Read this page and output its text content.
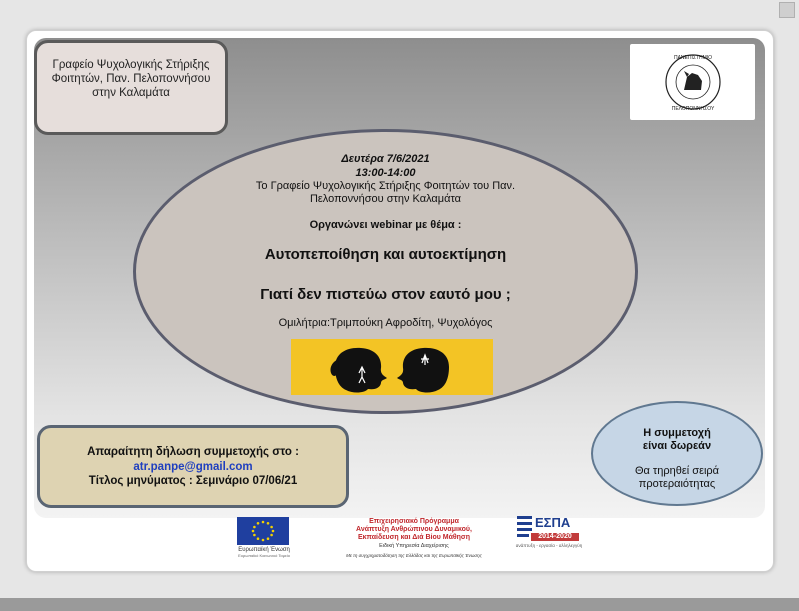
Γραφείο Ψυχολογικής Στήριξης
Φοιτητών, Παν. Πελοποννήσου
στην Καλαμάτα
ΠΑΝΕΠΙΣΤΗΜΙΟ
ΠΕΛΟΠΟΝΝΗΣΟΥ
Δευτέρα 7/6/2021
13:00-14:00
Το Γραφείο Ψυχολογικής Στήριξης Φοιτητών του Παν.
Πελοποννήσου στην Καλαμάτα
Οργανώνει webinar με θέμα :
Αυτοπεποίθηση και αυτοεκτίμηση
Γιατί δεν πιστεύω στον εαυτό μου ;
Ομιλήτρια:Τριμπούκη Αφροδίτη, Ψυχολόγος
Απαραίτητη δήλωση συμμετοχής στο :
atr.panpe@gmail.com
Τίτλος μηνύματος : Σεμινάριο 07/06/21
Η συμμετοχή
είναι δωρεάν
Θα τηρηθεί σειρά
προτεραιότητας
Ευρωπαϊκή Ένωση
Ευρωπαϊκό Κοινωνικό Ταμείο
Επιχειρησιακό Πρόγραμμα
Ανάπτυξη Ανθρώπινου Δυναμικού,
Εκπαίδευση και Διά Βίου Μάθηση
Ειδική Υπηρεσία Διαχείρισης
Με τη συγχρηματοδότηση της Ελλάδας και της Ευρωπαϊκής Ένωσης
ΕΣΠΑ
2014-2020
ανάπτυξη - εργασία - αλληλεγγύη
